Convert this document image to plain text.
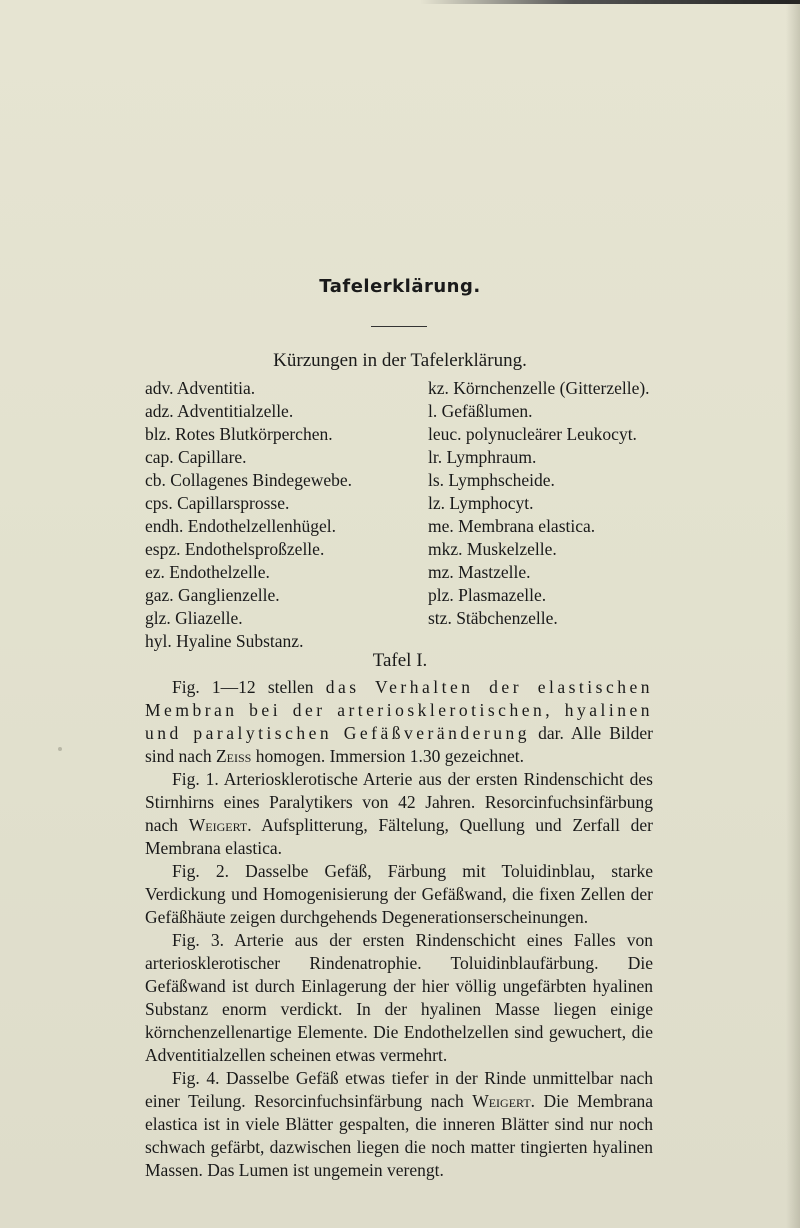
Tafelerklärung.
Kürzungen in der Tafelerklärung.
adv. Adventitia.
adz. Adventitialzelle.
blz. Rotes Blutkörperchen.
cap. Capillare.
cb. Collagenes Bindegewebe.
cps. Capillarsprosse.
endh. Endothelzellenhügel.
espz. Endothelsproßzelle.
ez. Endothelzelle.
gaz. Ganglienzelle.
glz. Gliazelle.
hyl. Hyaline Substanz.
kz. Körnchenzelle (Gitterzelle).
l. Gefäßlumen.
leuc. polynucleärer Leukocyt.
lr. Lymphraum.
ls. Lymphscheide.
lz. Lymphocyt.
me. Membrana elastica.
mkz. Muskelzelle.
mz. Mastzelle.
plz. Plasmazelle.
stz. Stäbchenzelle.
Tafel I.

Fig. 1—12 stellen das Verhalten der elastischen Membran bei der arteriosklerotischen, hyalinen und paralytischen Gefäßveränderung dar. Alle Bilder sind nach Zeiss homogen. Immersion 1.30 gezeichnet.

Fig. 1. Arteriosklerotische Arterie aus der ersten Rindenschicht des Stirnhirns eines Paralytikers von 42 Jahren. Resorcinfuchsinfärbung nach Weigert. Aufsplitterung, Fältelung, Quellung und Zerfall der Membrana elastica.

Fig. 2. Dasselbe Gefäß, Färbung mit Toluidinblau, starke Verdickung und Homogenisierung der Gefäßwand, die fixen Zellen der Gefäßhäute zeigen durchgehends Degenerationserscheinungen.

Fig. 3. Arterie aus der ersten Rindenschicht eines Falles von arteriosklerotischer Rindenatrophie. Toluidinblaufärbung. Die Gefäßwand ist durch Einlagerung der hier völlig ungefärbten hyalinen Substanz enorm verdickt. In der hyalinen Masse liegen einige körnchenzellenartige Elemente. Die Endothelzellen sind gewuchert, die Adventitialzellen scheinen etwas vermehrt.

Fig. 4. Dasselbe Gefäß etwas tiefer in der Rinde unmittelbar nach einer Teilung. Resorcinfuchsinfärbung nach Weigert. Die Membrana elastica ist in viele Blätter gespalten, die inneren Blätter sind nur noch schwach gefärbt, dazwischen liegen die noch matter tingierten hyalinen Massen. Das Lumen ist ungemein verengt.
